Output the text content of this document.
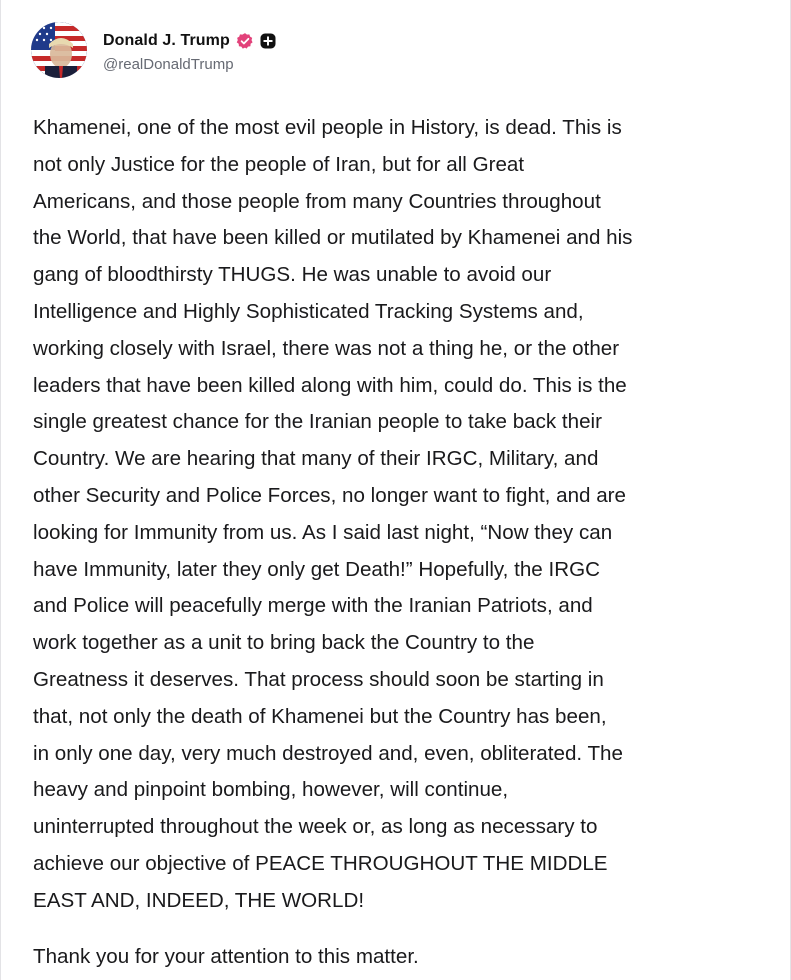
Donald J. Trump
@realDonaldTrump
Khamenei, one of the most evil people in History, is dead. This is
not only Justice for the people of Iran, but for all Great
Americans, and those people from many Countries throughout
the World, that have been killed or mutilated by Khamenei and his
gang of bloodthirsty THUGS. He was unable to avoid our
Intelligence and Highly Sophisticated Tracking Systems and,
working closely with Israel, there was not a thing he, or the other
leaders that have been killed along with him, could do. This is the
single greatest chance for the Iranian people to take back their
Country. We are hearing that many of their IRGC, Military, and
other Security and Police Forces, no longer want to fight, and are
looking for Immunity from us. As I said last night, “Now they can
have Immunity, later they only get Death!” Hopefully, the IRGC
and Police will peacefully merge with the Iranian Patriots, and
work together as a unit to bring back the Country to the
Greatness it deserves. That process should soon be starting in
that, not only the death of Khamenei but the Country has been,
in only one day, very much destroyed and, even, obliterated. The
heavy and pinpoint bombing, however, will continue,
uninterrupted throughout the week or, as long as necessary to
achieve our objective of PEACE THROUGHOUT THE MIDDLE
EAST AND, INDEED, THE WORLD!
Thank you for your attention to this matter.
